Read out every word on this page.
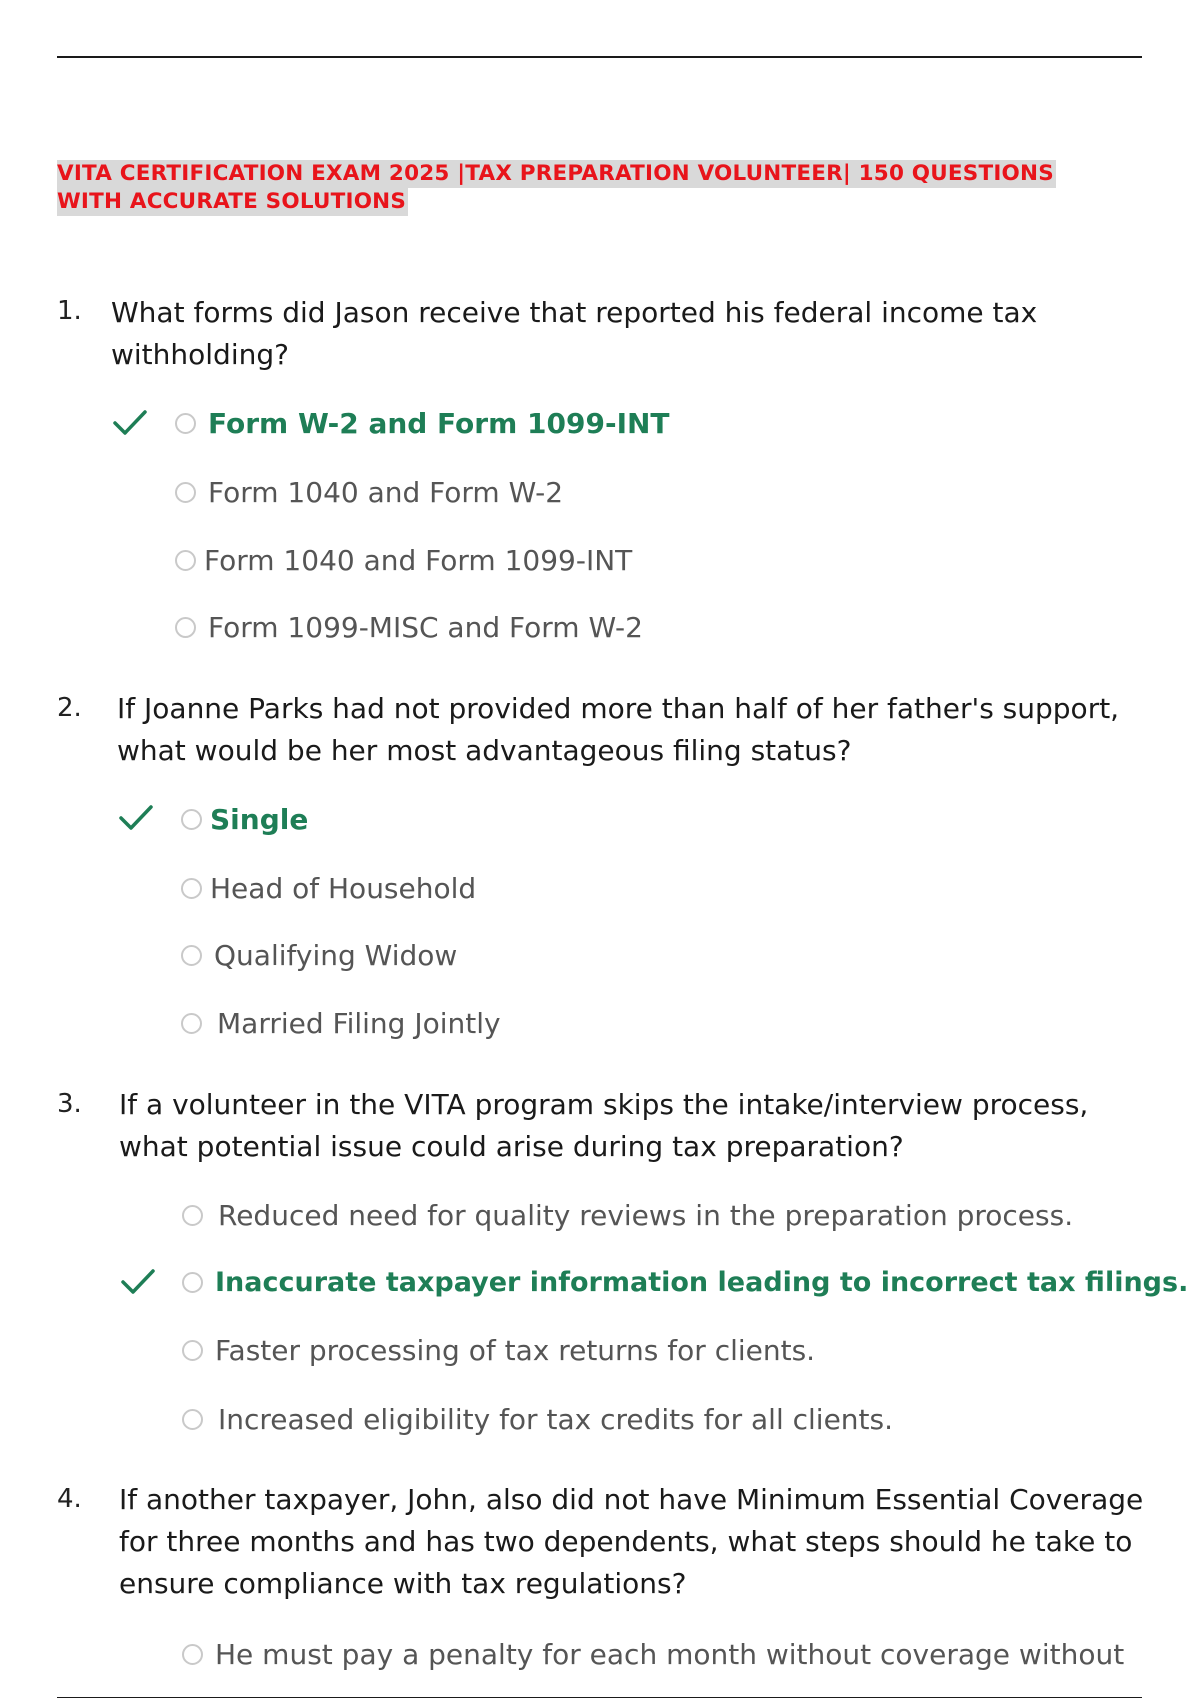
VITA CERTIFICATION EXAM 2025 |TAX PREPARATION VOLUNTEER| 150 QUESTIONS
WITH ACCURATE SOLUTIONS
1. What forms did Jason receive that reported his federal income tax
withholding?
Form W-2 and Form 1099-INT
Form 1040 and Form W-2
Form 1040 and Form 1099-INT
Form 1099-MISC and Form W-2
2. If Joanne Parks had not provided more than half of her father's support,
what would be her most advantageous filing status?
Single
Head of Household
Qualifying Widow
Married Filing Jointly
3. If a volunteer in the VITA program skips the intake/interview process,
what potential issue could arise during tax preparation?
Reduced need for quality reviews in the preparation process.
Inaccurate taxpayer information leading to incorrect tax filings.
Faster processing of tax returns for clients.
Increased eligibility for tax credits for all clients.
4. If another taxpayer, John, also did not have Minimum Essential Coverage
for three months and has two dependents, what steps should he take to
ensure compliance with tax regulations?
He must pay a penalty for each month without coverage without
